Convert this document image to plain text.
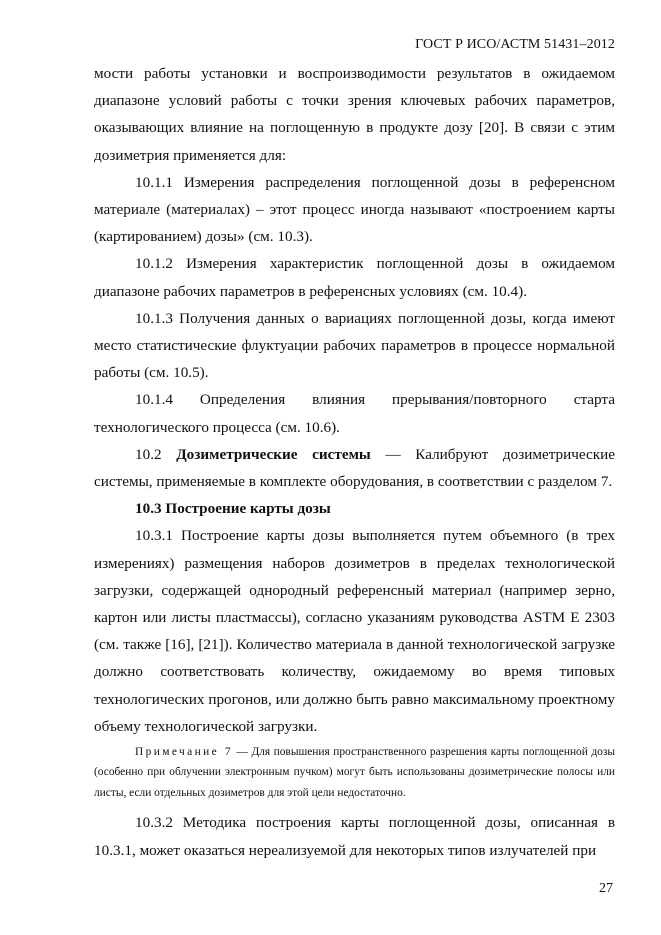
ГОСТ Р ИСО/АСТМ 51431–2012

мости работы установки и воспроизводимости результатов в ожидаемом диапазоне условий работы с точки зрения ключевых рабочих параметров, оказывающих влияние на поглощенную в продукте дозу [20]. В связи с этим дозиметрия применяется для:

10.1.1 Измерения распределения поглощенной дозы в референсном материале (материалах) – этот процесс иногда называют «построением карты (картированием) дозы» (см. 10.3).

10.1.2 Измерения характеристик поглощенной дозы в ожидаемом диапазоне рабочих параметров в референсных условиях (см. 10.4).

10.1.3 Получения данных о вариациях поглощенной дозы, когда имеют место статистические флуктуации рабочих параметров в процессе нормальной работы (см. 10.5).

10.1.4 Определения влияния прерывания/повторного старта технологического процесса (см. 10.6).

10.2 Дозиметрические системы — Калибруют дозиметрические системы, применяемые в комплекте оборудования, в соответствии с разделом 7.

10.3 Построение карты дозы

10.3.1 Построение карты дозы выполняется путем объемного (в трех измерениях) размещения наборов дозиметров в пределах технологической загрузки, содержащей однородный референсный материал (например зерно, картон или листы пластмассы), согласно указаниям руководства ASTM E 2303 (см. также [16], [21]). Количество материала в данной технологической загрузке должно соответствовать количеству, ожидаемому во время типовых технологических прогонов, или должно быть равно максимальному проектному объему технологической загрузки.

Примечание 7 — Для повышения пространственного разрешения карты поглощенной дозы (особенно при облучении электронным пучком) могут быть использованы дозиметрические полосы или листы, если отдельных дозиметров для этой цели недостаточно.

10.3.2 Методика построения карты поглощенной дозы, описанная в 10.3.1, может оказаться нереализуемой для некоторых типов излучателей при

27
